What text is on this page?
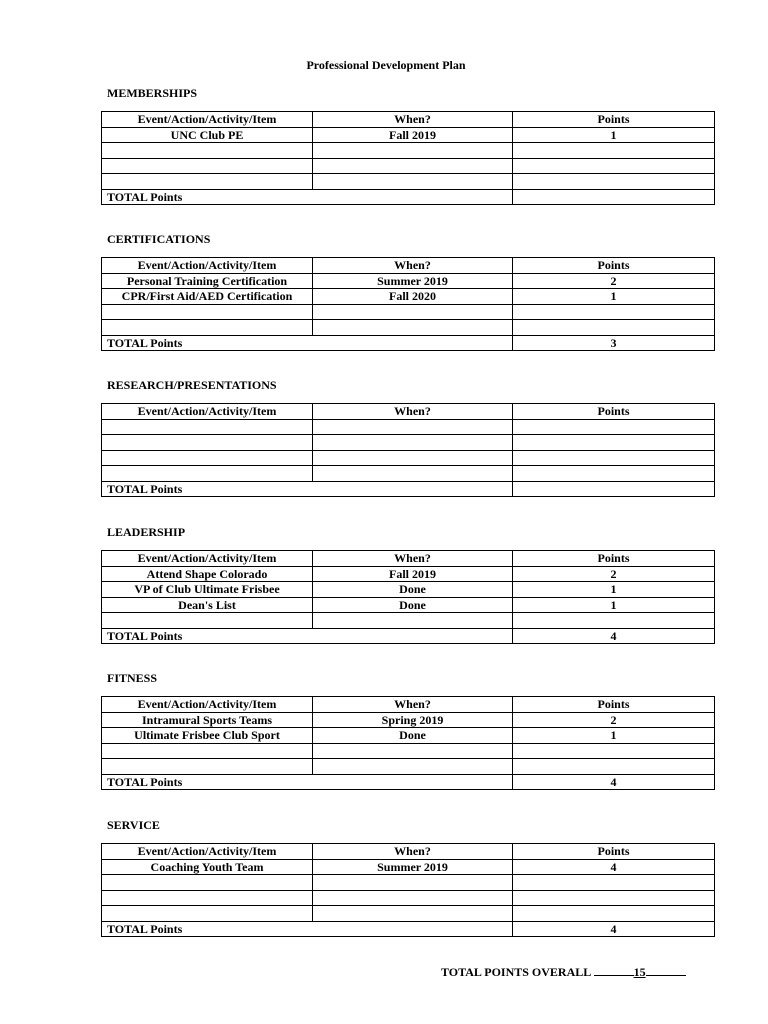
Professional Development Plan
MEMBERSHIPS
Event/Action/Activity/Item	When?	Points
UNC Club PE	Fall 2019	1

TOTAL Points		
CERTIFICATIONS
Event/Action/Activity/Item	When?	Points
Personal Training Certification	Summer 2019	2
CPR/First Aid/AED Certification	Fall 2020	1

TOTAL Points		3
RESEARCH/PRESENTATIONS
Event/Action/Activity/Item	When?	Points

TOTAL Points		
LEADERSHIP
Event/Action/Activity/Item	When?	Points
Attend Shape Colorado	Fall 2019	2
VP of Club Ultimate Frisbee	Done	1
Dean's List	Done	1

TOTAL Points		4
FITNESS
Event/Action/Activity/Item	When?	Points
Intramural Sports Teams	Spring 2019	2
Ultimate Frisbee Club Sport	Done	1

TOTAL Points		4
SERVICE
Event/Action/Activity/Item	When?	Points
Coaching Youth Team	Summer 2019	4

TOTAL Points		4
TOTAL POINTS OVERALL	15
